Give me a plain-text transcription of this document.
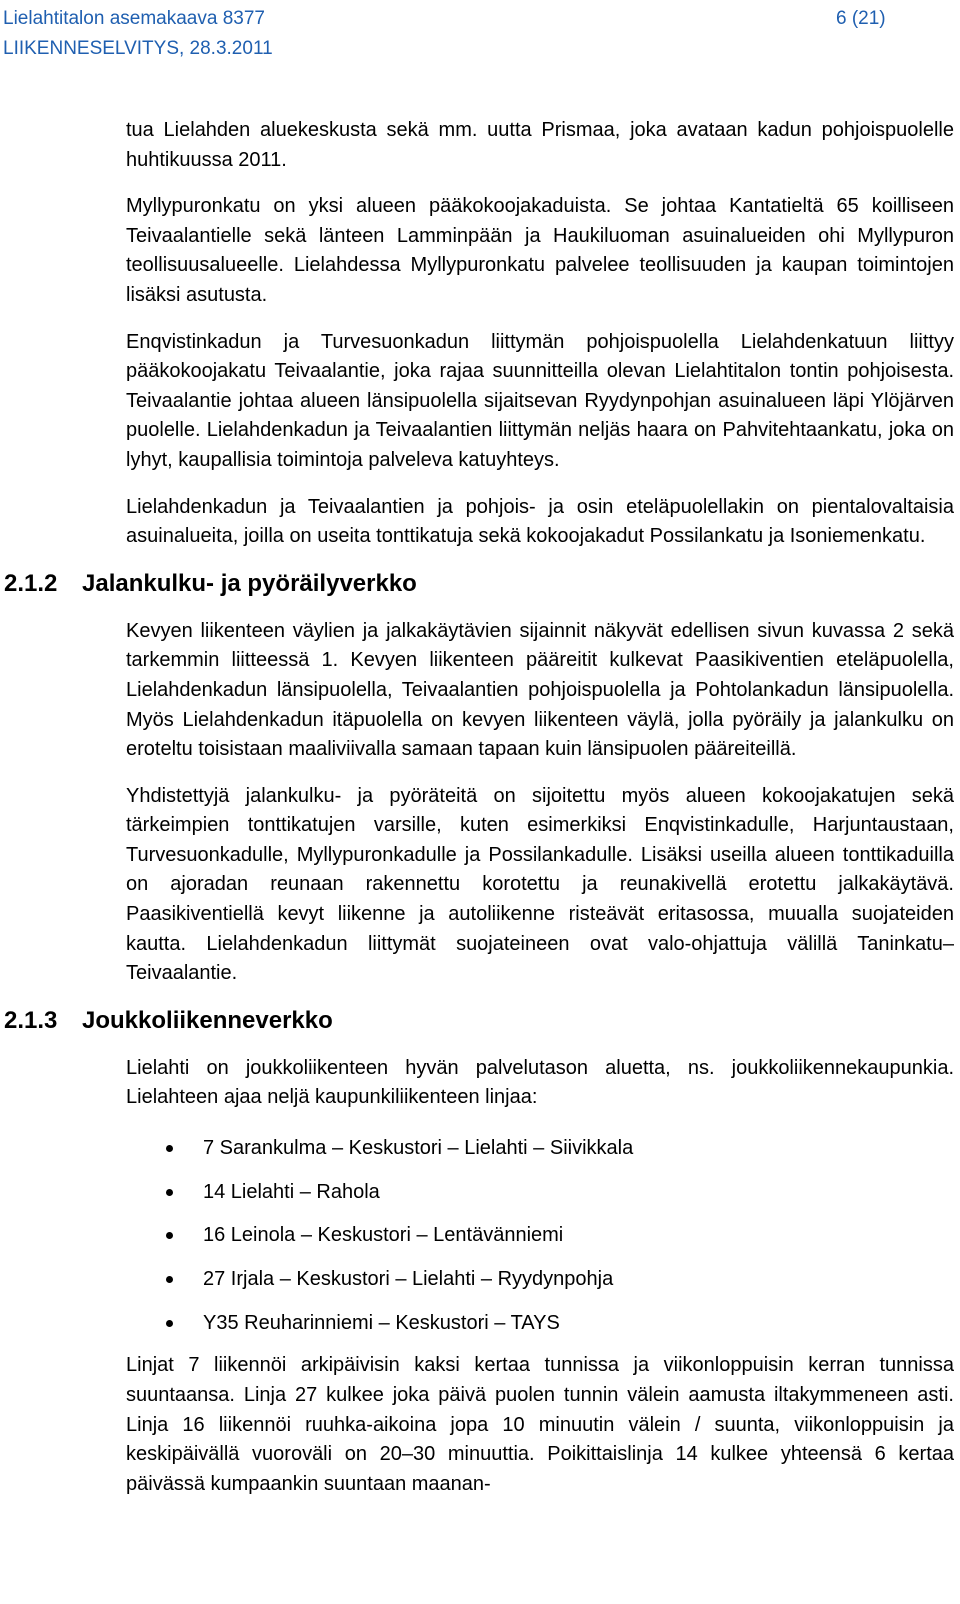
Lielahtitalon asemakaava 8377	6 (21)
LIIKENNESELVITYS, 28.3.2011

tua Lielahden aluekeskusta sekä mm. uutta Prismaa, joka avataan kadun pohjoispuolelle huhtikuussa 2011.

Myllypuronkatu on yksi alueen pääkokoojakaduista. Se johtaa Kantatieltä 65 koilliseen Teivaalantielle sekä länteen Lamminpään ja Haukiluoman asuinalueiden ohi Myllypuron teollisuusalueelle. Lielahdessa Myllypuronkatu palvelee teollisuuden ja kaupan toimintojen lisäksi asutusta.

Enqvistinkadun ja Turvesuonkadun liittymän pohjoispuolella Lielahdenkatuun liittyy pääkokoojakatu Teivaalantie, joka rajaa suunnitteilla olevan Lielahtitalon tontin pohjoisesta. Teivaalantie johtaa alueen länsipuolella sijaitsevan Ryydynpohjan asuinalueen läpi Ylöjärven puolelle. Lielahdenkadun ja Teivaalantien liittymän neljäs haara on Pahvitehtaankatu, joka on lyhyt, kaupallisia toimintoja palveleva katuyhteys.

Lielahdenkadun ja Teivaalantien ja pohjois- ja osin eteläpuolellakin on pientalovaltaisia asuinalueita, joilla on useita tonttikatuja sekä kokoojakadut Possilankatu ja Isoniemenkatu.

2.1.2 Jalankulku- ja pyöräilyverkko

Kevyen liikenteen väylien ja jalkakäytävien sijainnit näkyvät edellisen sivun kuvassa 2 sekä tarkemmin liitteessä 1. Kevyen liikenteen pääreitit kulkevat Paasikiventien eteläpuolella, Lielahdenkadun länsipuolella, Teivaalantien pohjoispuolella ja Pohtolankadun länsipuolella. Myös Lielahdenkadun itäpuolella on kevyen liikenteen väylä, jolla pyöräily ja jalankulku on eroteltu toisistaan maaliviivalla samaan tapaan kuin länsipuolen pääreiteillä.

Yhdistettyjä jalankulku- ja pyöräteitä on sijoitettu myös alueen kokoojakatujen sekä tärkeimpien tonttikatujen varsille, kuten esimerkiksi Enqvistinkadulle, Harjuntaustaan, Turvesuonkadulle, Myllypuronkadulle ja Possilankadulle. Lisäksi useilla alueen tonttikaduilla on ajoradan reunaan rakennettu korotettu ja reunakivellä erotettu jalkakäytävä. Paasikiventiellä kevyt liikenne ja autoliikenne risteävät eritasossa, muualla suojateiden kautta. Lielahdenkadun liittymät suojateineen ovat valo-ohjattuja välillä Taninkatu–Teivaalantie.

2.1.3 Joukkoliikenneverkko

Lielahti on joukkoliikenteen hyvän palvelutason aluetta, ns. joukkoliikennekaupunkia. Lielahteen ajaa neljä kaupunkiliikenteen linjaa:

7 Sarankulma – Keskustori – Lielahti – Siivikkala
14 Lielahti – Rahola
16 Leinola – Keskustori – Lentävänniemi
27 Irjala – Keskustori – Lielahti – Ryydynpohja
Y35 Reuharinniemi – Keskustori – TAYS

Linjat 7 liikennöi arkipäivisin kaksi kertaa tunnissa ja viikonloppuisin kerran tunnissa suuntaansa. Linja 27 kulkee joka päivä puolen tunnin välein aamusta iltakymmeneen asti. Linja 16 liikennöi ruuhka-aikoina jopa 10 minuutin välein / suunta, viikonloppuisin ja keskipäivällä vuoroväli on 20–30 minuuttia. Poikittaislinja 14 kulkee yhteensä 6 kertaa päivässä kumpaankin suuntaan maanan-
